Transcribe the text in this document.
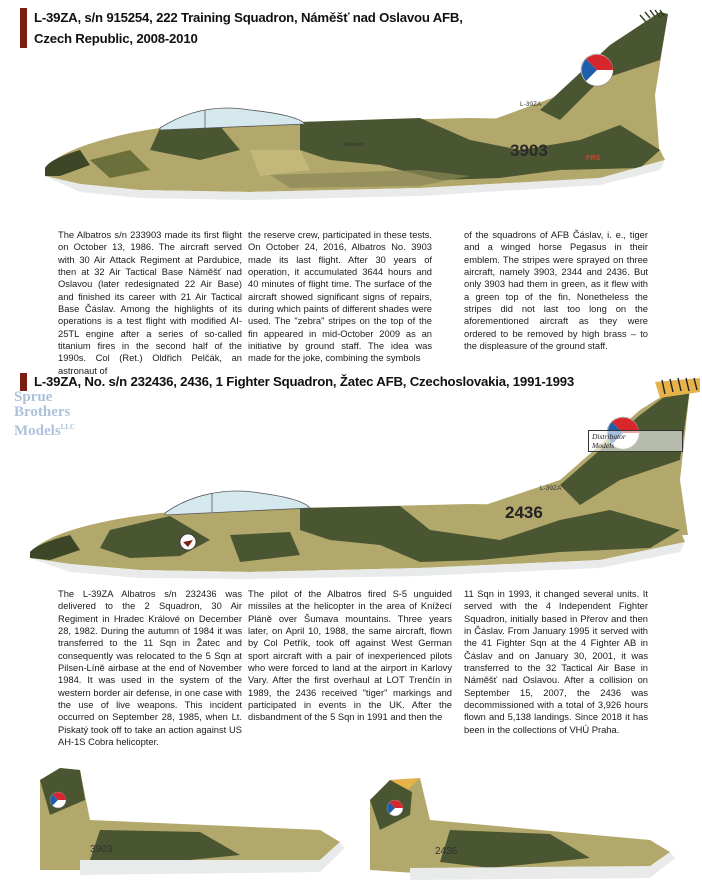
L-39ZA, s/n 915254, 222 Training Squadron, Náměšť nad Oslavou AFB,
Czech Republic, 2008-2010
L-39ZA
3903	PRS
Albatros
The Albatros s/n 233903 made its first flight on October 13, 1986. The aircraft served with 30 Air Attack Regiment at Pardubice, then at 32 Air Tactical Base Náměšť nad Oslavou (later redesignated 22 Air Base) and finished its career with 21 Air Tactical Base Čáslav. Among the highlights of its operations is a test flight with modified AI-25TL engine after a series of so-called titanium fires in the second half of the 1990s. Col (Ret.) Oldřich Pelčák, an astronaut of
the reserve crew, participated in these tests. On October 24, 2016, Albatros No. 3903 made its last flight. After 30 years of operation, it accumulated 3644 hours and 40 minutes of flight time. The surface of the aircraft showed significant signs of repairs, during which paints of different shades were used. The "zebra" stripes on the top of the fin appeared in mid-October 2009 as an initiative by ground staff. The idea was made for the joke, combining the symbols
of the squadrons of AFB Čáslav, i. e., tiger and a winged horse Pegasus in their emblem. The stripes were sprayed on three aircraft, namely 3903, 2344 and 2436. But only 3903 had them in green, as it flew with a green top of the fin. Nonetheless the stripes did not last too long on the aforementioned aircraft as they were ordered to be removed by high brass – to the displeasure of the ground staff.
L-39ZA, No. s/n 232436, 2436, 1 Fighter Squadron, Žatec AFB, Czechoslovakia, 1991-1993
Sprue
Brothers
Models$^{LLC}$
L-39ZA
2436
Distributor
Models
The L-39ZA Albatros s/n 232436 was delivered to the 2 Squadron, 30 Air Regiment in Hradec Králové on December 28, 1982. During the autumn of 1984 it was transferred to the 11 Sqn in Žatec and consequently was relocated to the 5 Sqn at Pilsen-Líně airbase at the end of November 1984. It was used in the system of the western border air defense, in one case with the use of live weapons. This incident occurred on September 28, 1985, when Lt. Piskatý took off to take an action against US AH-1S Cobra helicopter.
The pilot of the Albatros fired S-5 unguided missiles at the helicopter in the area of Knížecí Pláně over Šumava mountains. Three years later, on April 10, 1988, the same aircraft, flown by Col Petřík, took off against West German sport aircraft with a pair of inexperienced pilots who were forced to land at the airport in Karlovy Vary. After the first overhaul at LOT Trenčín in 1989, the 2436 received "tiger" markings and participated in events in the UK. After the disbandment of the 5 Sqn in 1991 and then the
11 Sqn in 1993, it changed several units. It served with the 4 Independent Fighter Squadron, initially based in Přerov and then in Čáslav. From January 1995 it served with the 41 Fighter Sqn at the 4 Fighter AB in Čáslav and on January 30, 2001, it was transferred to the 32 Tactical Air Base in Náměšť nad Oslavou. After a collision on September 15, 2007, the 2436 was decommissioned with a total of 3,926 hours flown and 5,138 landings. Since 2018 it has been in the collections of VHÚ Praha.
3903	2436
